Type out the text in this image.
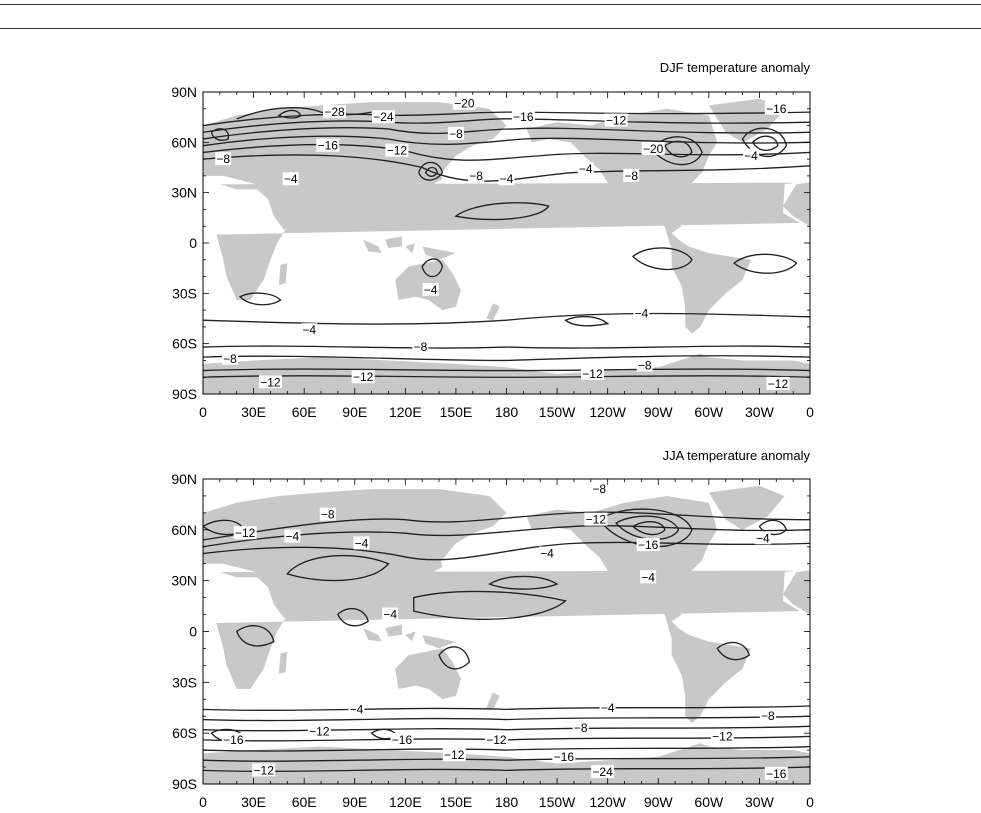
DJF temperature anomaly
90N
60N
30N
0
30S
60S
90S
0 30E 60E 90E 120E 150E 180 150W 120W 90W 60W 30W 0
−28 −24
−20
−16	−12
−16
−8
−16	−12
−8
−20	−4
−4	−8 −4
−4	−8
−4
−4
−4
−8
−8
−12	−12	−12
−8
−12
JJA temperature anomaly
90N
60N
30N
0
30S
60S
90S
0 30E 60E 90E 120E 150E 180 150W 120W 90W 60W 30W 0
−8
−8	−12
−12	−4	−4	−16	−4
−4
−4
−4
−4	−4
−8
−8
−12
−16	−16	−12	−12
−12	−16
−12	−24	−16
